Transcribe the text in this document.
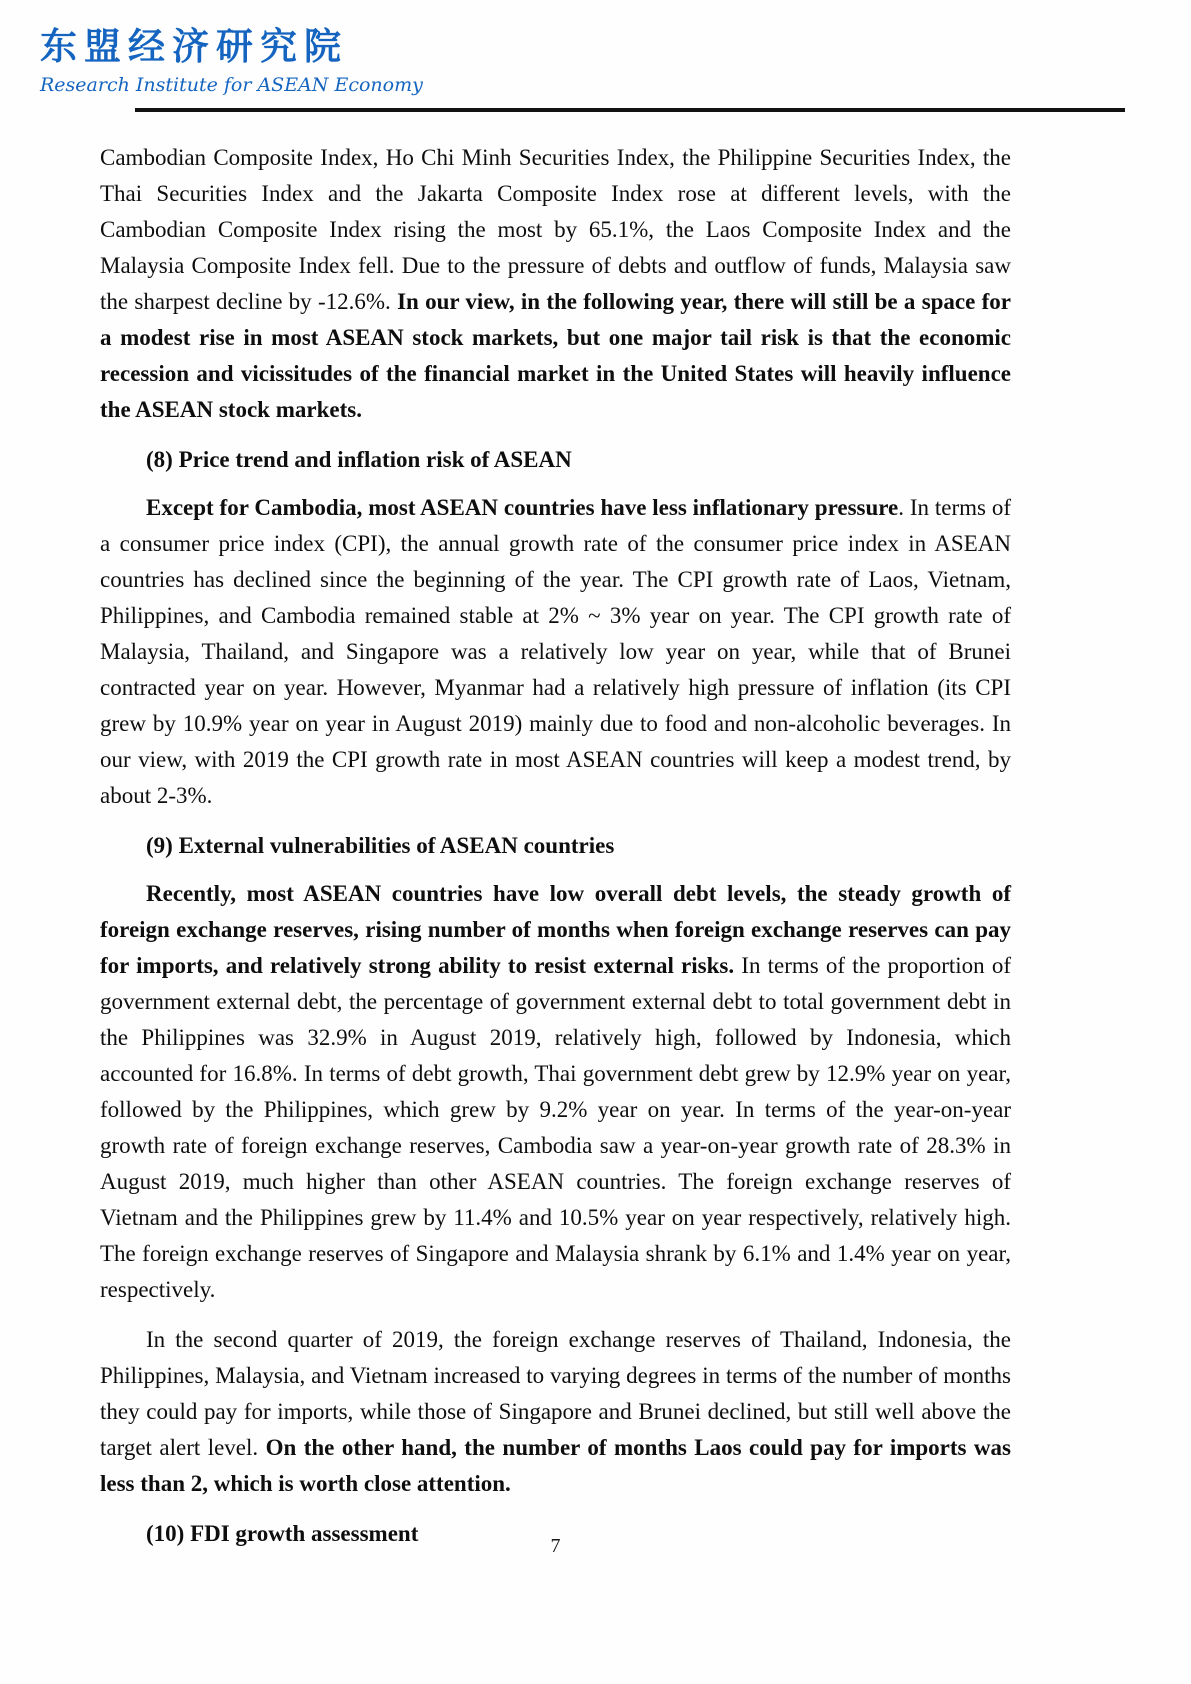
东盟经济研究院
Research Institute for ASEAN Economy

Cambodian Composite Index, Ho Chi Minh Securities Index, the Philippine Securities Index, the Thai Securities Index and the Jakarta Composite Index rose at different levels, with the Cambodian Composite Index rising the most by 65.1%, the Laos Composite Index and the Malaysia Composite Index fell. Due to the pressure of debts and outflow of funds, Malaysia saw the sharpest decline by -12.6%. In our view, in the following year, there will still be a space for a modest rise in most ASEAN stock markets, but one major tail risk is that the economic recession and vicissitudes of the financial market in the United States will heavily influence the ASEAN stock markets.

(8) Price trend and inflation risk of ASEAN

Except for Cambodia, most ASEAN countries have less inflationary pressure. In terms of a consumer price index (CPI), the annual growth rate of the consumer price index in ASEAN countries has declined since the beginning of the year. The CPI growth rate of Laos, Vietnam, Philippines, and Cambodia remained stable at 2% ~ 3% year on year. The CPI growth rate of Malaysia, Thailand, and Singapore was a relatively low year on year, while that of Brunei contracted year on year. However, Myanmar had a relatively high pressure of inflation (its CPI grew by 10.9% year on year in August 2019) mainly due to food and non-alcoholic beverages. In our view, with 2019 the CPI growth rate in most ASEAN countries will keep a modest trend, by about 2-3%.

(9) External vulnerabilities of ASEAN countries

Recently, most ASEAN countries have low overall debt levels, the steady growth of foreign exchange reserves, rising number of months when foreign exchange reserves can pay for imports, and relatively strong ability to resist external risks. In terms of the proportion of government external debt, the percentage of government external debt to total government debt in the Philippines was 32.9% in August 2019, relatively high, followed by Indonesia, which accounted for 16.8%. In terms of debt growth, Thai government debt grew by 12.9% year on year, followed by the Philippines, which grew by 9.2% year on year. In terms of the year-on-year growth rate of foreign exchange reserves, Cambodia saw a year-on-year growth rate of 28.3% in August 2019, much higher than other ASEAN countries. The foreign exchange reserves of Vietnam and the Philippines grew by 11.4% and 10.5% year on year respectively, relatively high. The foreign exchange reserves of Singapore and Malaysia shrank by 6.1% and 1.4% year on year, respectively.

In the second quarter of 2019, the foreign exchange reserves of Thailand, Indonesia, the Philippines, Malaysia, and Vietnam increased to varying degrees in terms of the number of months they could pay for imports, while those of Singapore and Brunei declined, but still well above the target alert level. On the other hand, the number of months Laos could pay for imports was less than 2, which is worth close attention.

(10) FDI growth assessment	7
